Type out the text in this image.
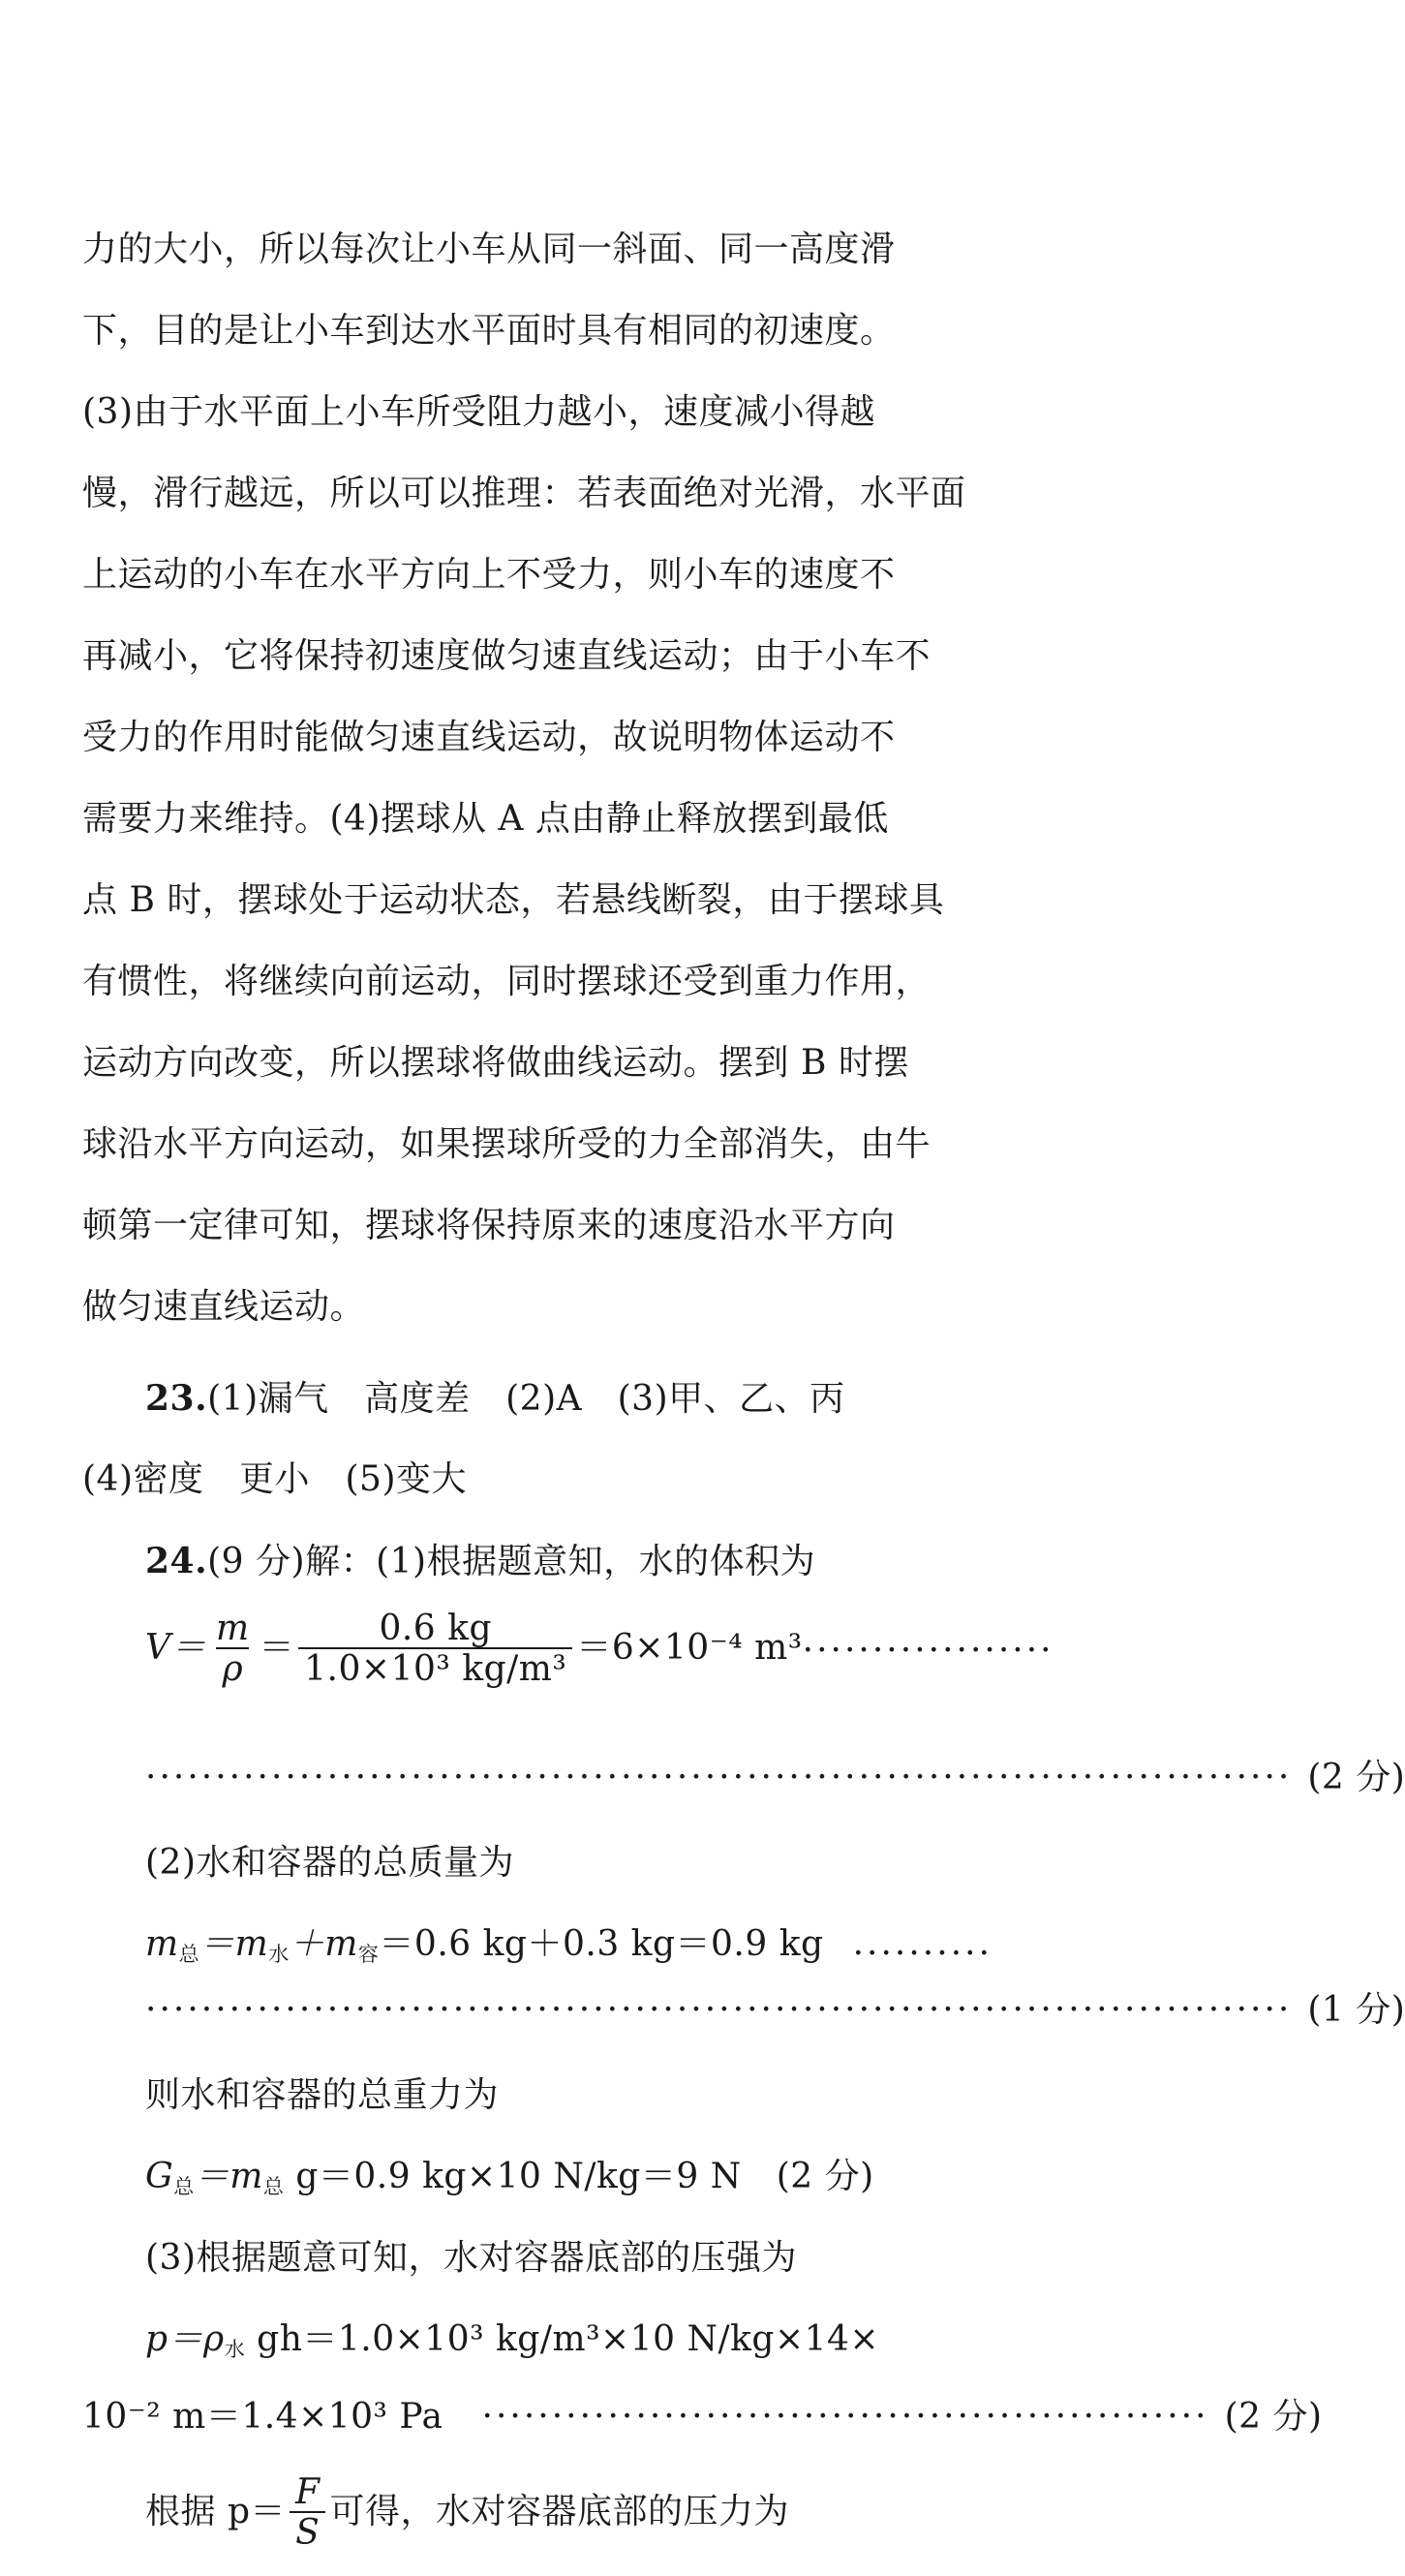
力的大小，所以每次让小车从同一斜面、同一高度滑
下，目的是让小车到达水平面时具有相同的初速度。
(3)由于水平面上小车所受阻力越小，速度减小得越
慢，滑行越远，所以可以推理：若表面绝对光滑，水平面
上运动的小车在水平方向上不受力，则小车的速度不
再减小，它将保持初速度做匀速直线运动；由于小车不
受力的作用时能做匀速直线运动，故说明物体运动不
需要力来维持。(4)摆球从 A 点由静止释放摆到最低
点 B 时，摆球处于运动状态，若悬线断裂，由于摆球具
有惯性，将继续向前运动，同时摆球还受到重力作用，
运动方向改变，所以摆球将做曲线运动。摆到 B 时摆
球沿水平方向运动，如果摆球所受的力全部消失，由牛
顿第一定律可知，摆球将保持原来的速度沿水平方向
做匀速直线运动。
23.(1)漏气　高度差　(2)A　(3)甲、乙、丙
(4)密度　更小　(5)变大
24.(9 分)解：(1)根据题意知，水的体积为
$V= \frac{m}{\rho} = \frac{0.6 kg}{\text{1.0×10³ kg/m³}} =6\times 10^{-4}$ m³··················
·················································································· (2 分)
(2)水和容器的总质量为
$m_总=m_水+m_容=0.6$ kg＋0.3 kg＝0.9 kg ··········
·················································································· (1 分)
则水和容器的总重力为
$G_总=m_总$ g＝0.9 kg×10 N/kg＝9 N (2 分)
(3)根据题意可知，水对容器底部的压强为
$p=\rho_水$ gh＝1.0×10³ kg/m³×10 N/kg×14×
10⁻² m＝1.4×10³ Pa ···················································· (2 分)
根据 $p= \frac{F}{S}$ 可得，水对容器底部的压力为
